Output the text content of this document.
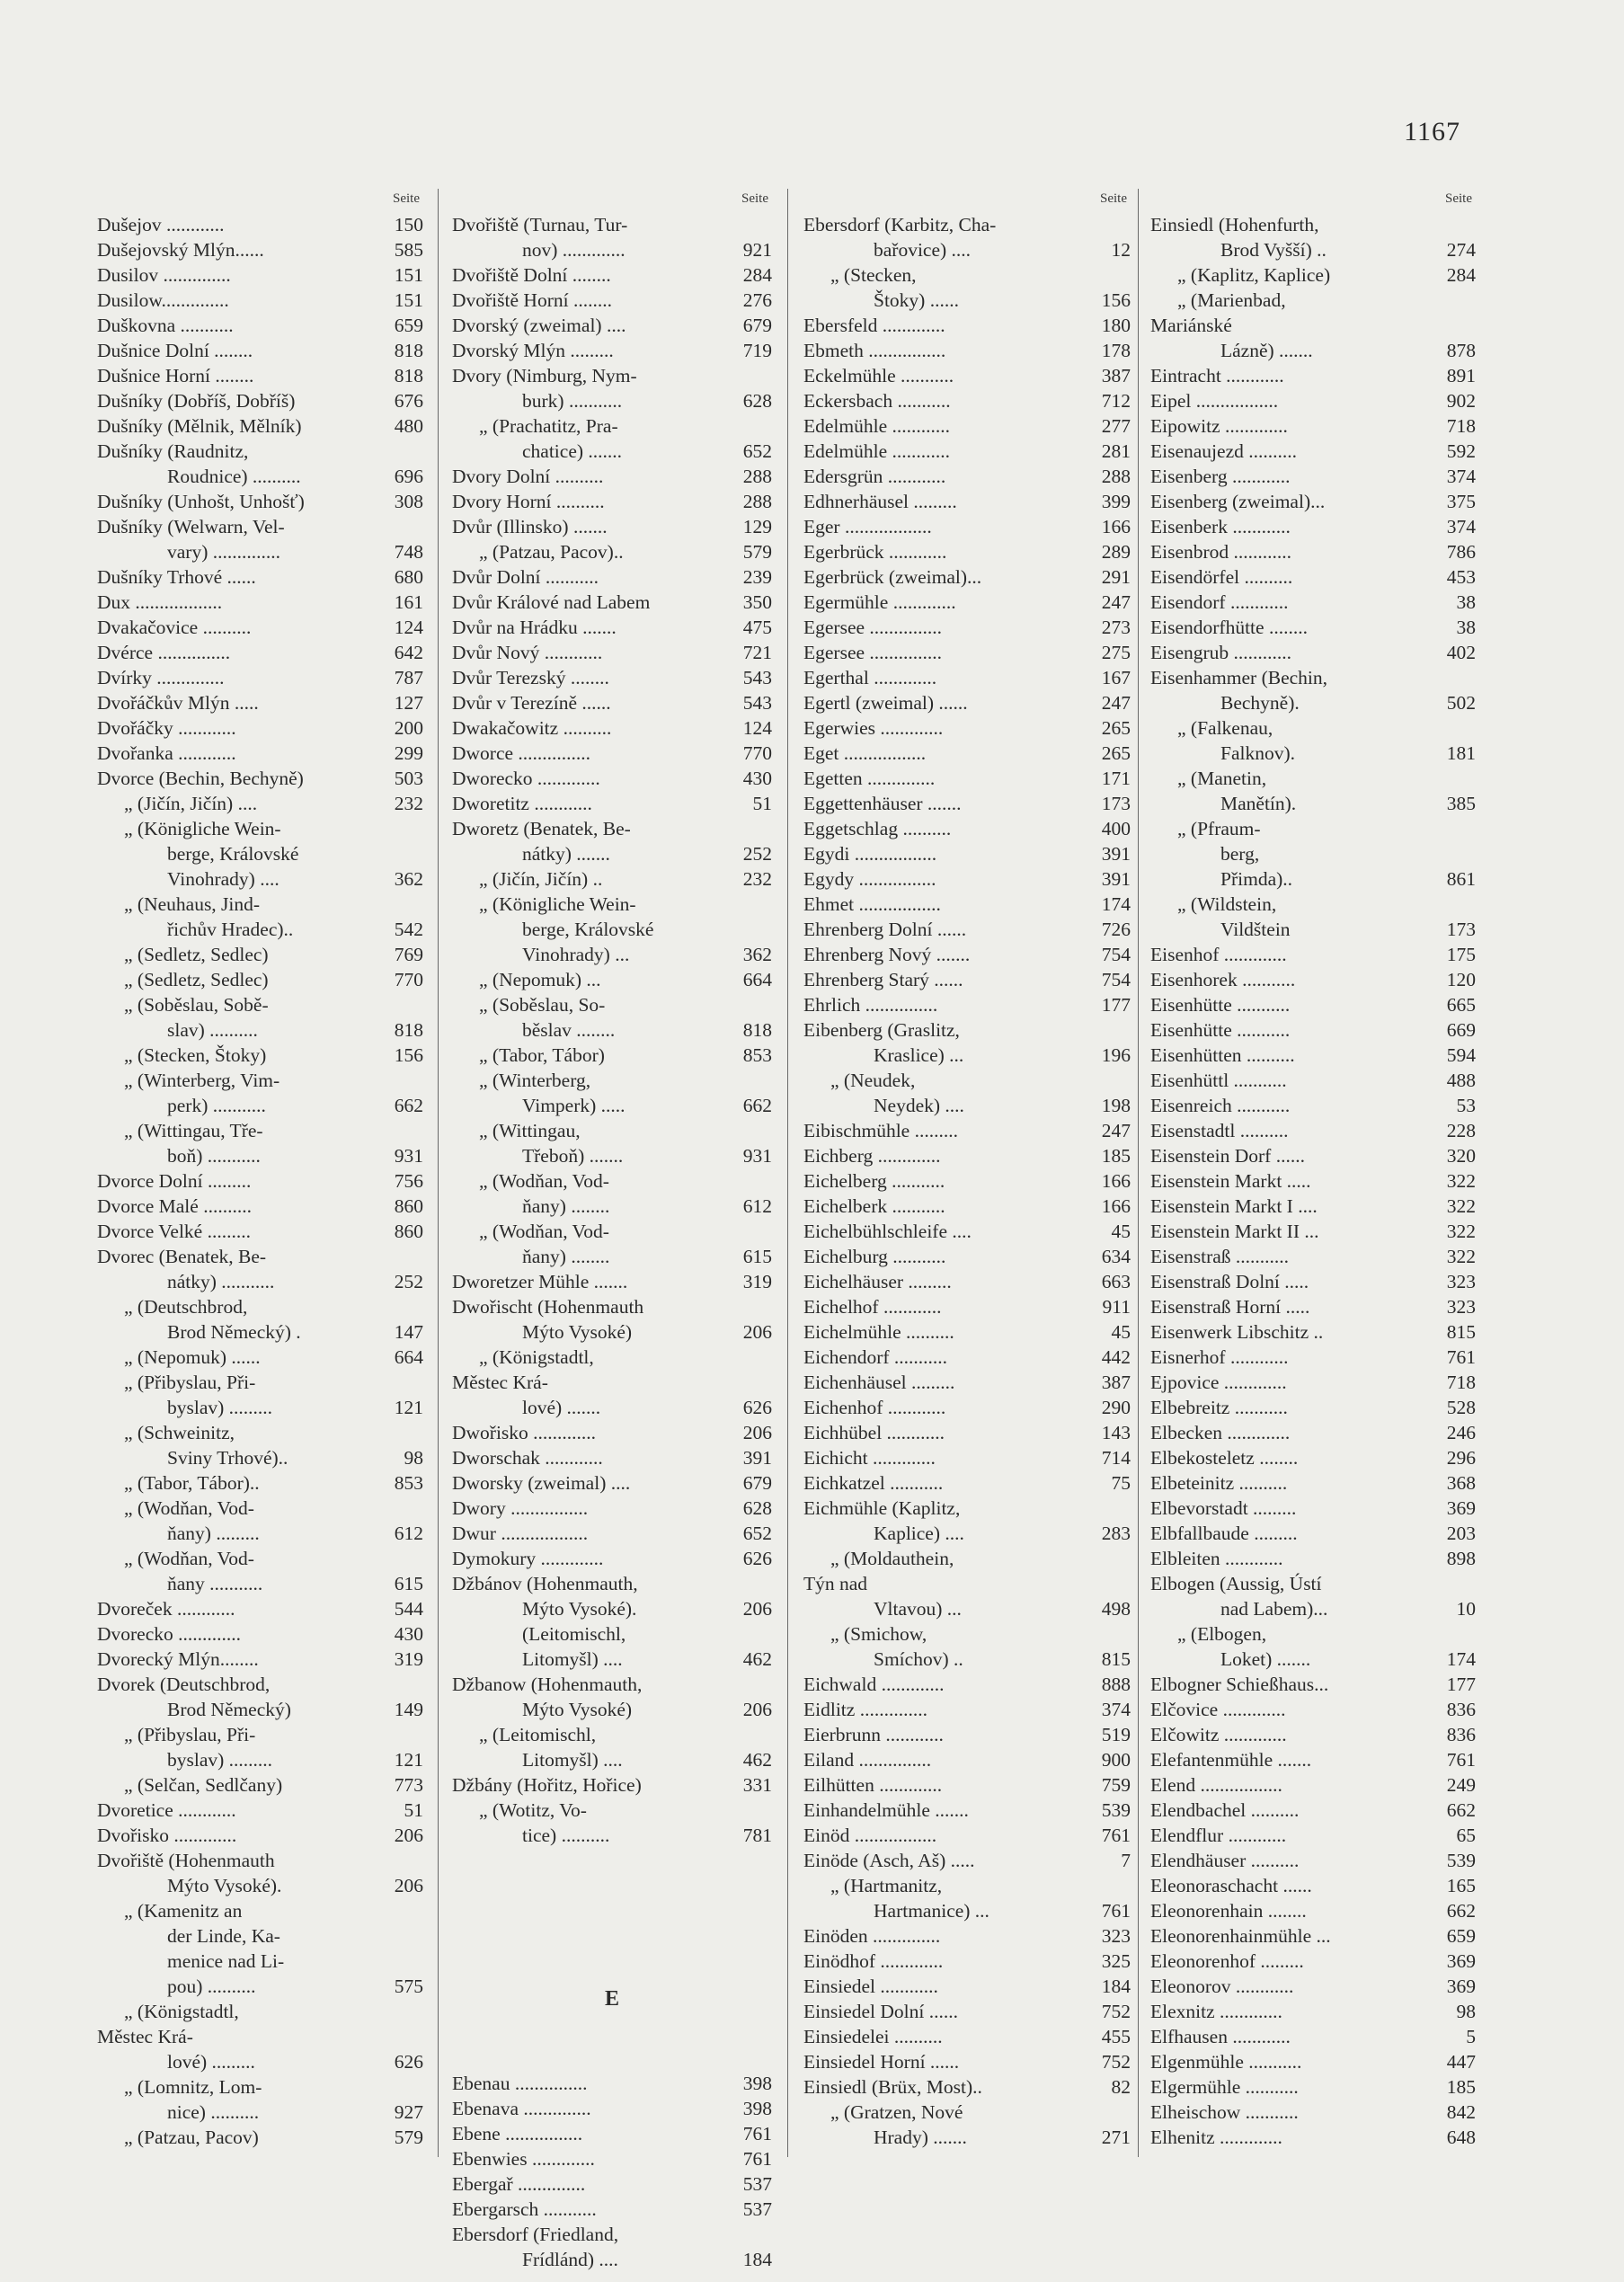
1167
Seite
Dušejov ............	150
Dušejovský Mlýn......	585
Dusilov ..............	151
Dusilow..............	151
Duškovna ...........	659
Dušnice Dolní ........	818
Dušnice Horní ........	818
Dušníky (Dobříš, Dobříš)	676
Dušníky (Mělnik, Mělník)	480
Dušníky (Raudnitz,
Roudnice) ..........	696
Dušníky (Unhošt, Unhošť)	308
Dušníky (Welwarn, Vel-
vary) ..............	748
Dušníky Trhové ......	680
Dux ..................	161
Dvakačovice ..........	124
Dvérce ...............	642
Dvírky ..............	787
Dvořáčkův Mlýn .....	127
Dvořáčky ............	200
Dvořanka ............	299
Dvorce (Bechin, Bechyně)	503
„ (Jičín, Jičín) ....	232
„ (Königliche Wein-
berge, Královské
Vinohrady) ....	362
„ (Neuhaus, Jind-
řichův Hradec)..	542
„ (Sedletz, Sedlec)	769
„ (Sedletz, Sedlec)	770
„ (Soběslau, Sobě-
slav) ..........	818
„ (Stecken, Štoky)	156
„ (Winterberg, Vim-
perk) ...........	662
„ (Wittingau, Tře-
boň) ...........	931
Dvorce Dolní .........	756
Dvorce Malé ..........	860
Dvorce Velké .........	860
Dvorec (Benatek, Be-
nátky) ...........	252
„ (Deutschbrod,
Brod Německý) .	147
„ (Nepomuk) ......	664
„ (Přibyslau, Při-
byslav) .........	121
„ (Schweinitz,
Sviny Trhové)..	98
„ (Tabor, Tábor)..	853
„ (Wodňan, Vod-
ňany) .........	612
„ (Wodňan, Vod-
ňany ...........	615
Dvoreček ............	544
Dvorecko .............	430
Dvorecký Mlýn........	319
Dvorek (Deutschbrod,
Brod Německý)	149
„ (Přibyslau, Při-
byslav) .........	121
„ (Selčan, Sedlčany)	773
Dvoretice ............	51
Dvořisko .............	206
Dvořiště (Hohenmauth
Mýto Vysoké).	206
„ (Kamenitz an
der Linde, Ka-
menice nad Li-
pou) ..........	575
„ (Königstadtl,
Městec Krá-
lové) .........	626
„ (Lomnitz, Lom-
nice) ..........	927
„ (Patzau, Pacov)	579
Seite
Dvořiště (Turnau, Tur-
nov) .............	921
Dvořiště Dolní ........	284
Dvořiště Horní ........	276
Dvorský (zweimal) ....	679
Dvorský Mlýn .........	719
Dvory (Nimburg, Nym-
burk) ...........	628
„ (Prachatitz, Pra-
chatice) .......	652
Dvory Dolní ..........	288
Dvory Horní ..........	288
Dvůr (Illinsko) .......	129
„ (Patzau, Pacov)..	579
Dvůr Dolní ...........	239
Dvůr Králové nad Labem	350
Dvůr na Hrádku .......	475
Dvůr Nový ............	721
Dvůr Terezský ........	543
Dvůr v Terezíně ......	543
Dwakačowitz ..........	124
Dworce ...............	770
Dworecko .............	430
Dworetitz ............	51
Dworetz (Benatek, Be-
nátky) .......	252
„ (Jičín, Jičín) ..	232
„ (Königliche Wein-
berge, Královské
Vinohrady) ...	362
„ (Nepomuk) ...	664
„ (Soběslau, So-
běslav ........	818
„ (Tabor, Tábor)	853
„ (Winterberg,
Vimperk) .....	662
„ (Wittingau,
Třeboň) .......	931
„ (Wodňan, Vod-
ňany) ........	612
„ (Wodňan, Vod-
ňany) ........	615
Dworetzer Mühle .......	319
Dwořischt (Hohenmauth
Mýto Vysoké)	206
„ (Königstadtl,
Městec Krá-
lové) .......	626
Dwořisko .............	206
Dworschak ............	391
Dworsky (zweimal) ....	679
Dwory ................	628
Dwur ..................	652
Dymokury .............	626
Džbánov (Hohenmauth,
Mýto Vysoké).	206
(Leitomischl,
Litomyšl) ....	462
Džbanow (Hohenmauth,
Mýto Vysoké)	206
„ (Leitomischl,
Litomyšl) ....	462
Džbány (Hořitz, Hořice)	331
„ (Wotitz, Vo-
tice) ..........	781
E
Ebenau ...............	398
Ebenava ..............	398
Ebene ................	761
Ebenwies .............	761
Ebergař ..............	537
Ebergarsch ...........	537
Ebersdorf (Friedland,
Frídlánd) ....	184
Seite
Ebersdorf (Karbitz, Cha-
bařovice) ....	12
„ (Stecken,
Štoky) ......	156
Ebersfeld .............	180
Ebmeth ................	178
Eckelmühle ...........	387
Eckersbach ...........	712
Edelmühle ............	277
Edelmühle ............	281
Edersgrün ............	288
Edhnerhäusel .........	399
Eger ..................	166
Egerbrück ............	289
Egerbrück (zweimal)...	291
Egermühle .............	247
Egersee ...............	273
Egersee ...............	275
Egerthal .............	167
Egertl (zweimal) ......	247
Egerwies .............	265
Eget .................	265
Egetten ..............	171
Eggettenhäuser .......	173
Eggetschlag ..........	400
Egydi .................	391
Egydy ................	391
Ehmet .................	174
Ehrenberg Dolní ......	726
Ehrenberg Nový .......	754
Ehrenberg Starý ......	754
Ehrlich ...............	177
Eibenberg (Graslitz,
Kraslice) ...	196
„ (Neudek,
Neydek) ....	198
Eibischmühle .........	247
Eichberg .............	185
Eichelberg ...........	166
Eichelberk ...........	166
Eichelbühlschleife ....	45
Eichelburg ...........	634
Eichelhäuser .........	663
Eichelhof ............	911
Eichelmühle ..........	45
Eichendorf ...........	442
Eichenhäusel .........	387
Eichenhof ............	290
Eichhübel ............	143
Eichicht .............	714
Eichkatzel ...........	75
Eichmühle (Kaplitz,
Kaplice) ....	283
„ (Moldauthein,
Týn nad
Vltavou) ...	498
„ (Smichow,
Smíchov) ..	815
Eichwald .............	888
Eidlitz ..............	374
Eierbrunn ............	519
Eiland ...............	900
Eilhütten .............	759
Einhandelmühle .......	539
Einöd .................	761
Einöde (Asch, Aš) .....	7
„ (Hartmanitz,
Hartmanice) ...	761
Einöden ..............	323
Einödhof .............	325
Einsiedel ............	184
Einsiedel Dolní ......	752
Einsiedelei ..........	455
Einsiedel Horní ......	752
Einsiedl (Brüx, Most)..	82
„ (Gratzen, Nové
Hrady) .......	271
Seite
Einsiedl (Hohenfurth,
Brod Vyšší) ..	274
„ (Kaplitz, Kaplice)	284
„ (Marienbad,
Mariánské
Lázně) .......	878
Eintracht ............	891
Eipel .................	902
Eipowitz .............	718
Eisenaujezd ..........	592
Eisenberg ............	374
Eisenberg (zweimal)...	375
Eisenberk ............	374
Eisenbrod ............	786
Eisendörfel ..........	453
Eisendorf ............	38
Eisendorfhütte ........	38
Eisengrub ............	402
Eisenhammer (Bechin,
Bechyně).	502
„ (Falkenau,
Falknov).	181
„ (Manetin,
Manětín).	385
„ (Pfraum-
berg,
Přimda)..	861
„ (Wildstein,
Vildštein	173
Eisenhof .............	175
Eisenhorek ...........	120
Eisenhütte ...........	665
Eisenhütte ...........	669
Eisenhütten ..........	594
Eisenhüttl ...........	488
Eisenreich ...........	53
Eisenstadtl ..........	228
Eisenstein Dorf ......	320
Eisenstein Markt .....	322
Eisenstein Markt I ....	322
Eisenstein Markt II ...	322
Eisenstraß ...........	322
Eisenstraß Dolní .....	323
Eisenstraß Horní .....	323
Eisenwerk Libschitz ..	815
Eisnerhof ............	761
Ejpovice .............	718
Elbebreitz ...........	528
Elbecken .............	246
Elbekosteletz ........	296
Elbeteinitz ..........	368
Elbevorstadt .........	369
Elbfallbaude .........	203
Elbleiten ............	898
Elbogen (Aussig, Ústí
nad Labem)...	10
„ (Elbogen,
Loket) .......	174
Elbogner Schießhaus...	177
Elčovice .............	836
Elčowitz .............	836
Elefantenmühle .......	761
Elend .................	249
Elendbachel ..........	662
Elendflur ............	65
Elendhäuser ..........	539
Eleonoraschacht ......	165
Eleonorenhain ........	662
Eleonorenhainmühle ...	659
Eleonorenhof .........	369
Eleonorov ............	369
Elexnitz .............	98
Elfhausen ............	5
Elgenmühle ...........	447
Elgermühle ...........	185
Elheischow ...........	842
Elhenitz .............	648
